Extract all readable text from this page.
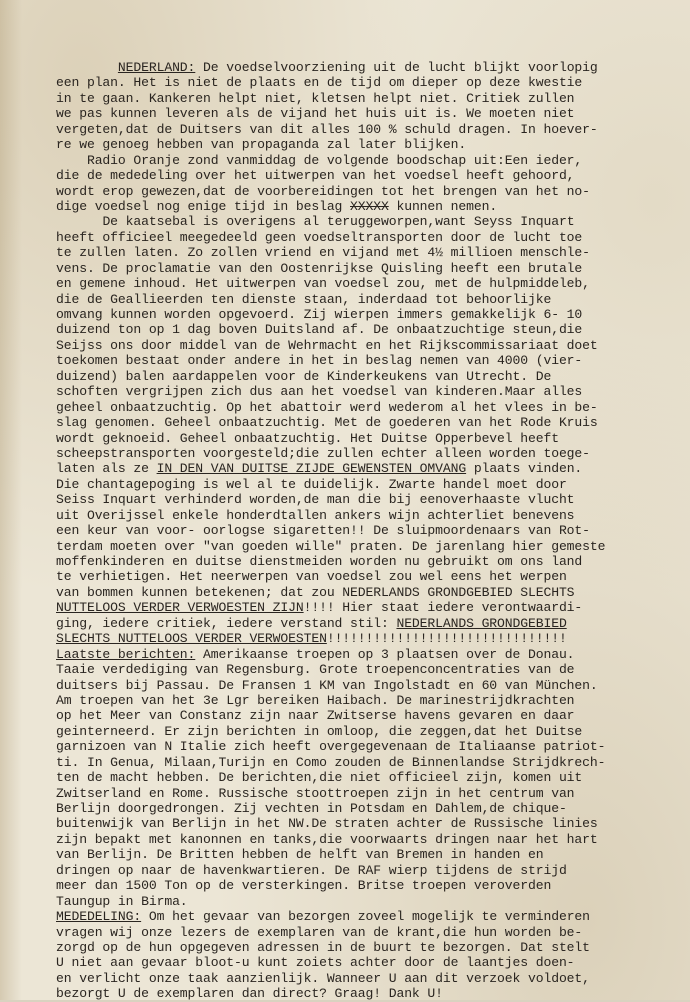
NEDERLAND: De voedselvoorziening uit de lucht blijkt voorlopig
een plan. Het is niet de plaats en de tijd om dieper op deze kwestie
in te gaan. Kankeren helpt niet, kletsen helpt niet. Critiek zullen
we pas kunnen leveren als de vijand het huis uit is. We moeten niet
vergeten,dat de Duitsers van dit alles 100 % schuld dragen. In hoever-
re we genoeg hebben van propaganda zal later blijken.
Radio Oranje zond vanmiddag de volgende boodschap uit:Een ieder,
die de mededeling over het uitwerpen van het voedsel heeft gehoord,
wordt erop gewezen,dat de voorbereidingen tot het brengen van het no-
dige voedsel nog enige tijd in beslag XXXXX kunnen nemen.
De kaatsebal is overigens al teruggeworpen,want Seyss Inquart
heeft officieel meegedeeld geen voedseltransporten door de lucht toe
te zullen laten. Zo zollen vriend en vijand met 4½ millioen menschle-
vens. De proclamatie van den Oostenrijkse Quisling heeft een brutale
en gemene inhoud. Het uitwerpen van voedsel zou, met de hulpmiddeleb,
die de Geallieerden ten dienste staan, inderdaad tot behoorlijke
omvang kunnen worden opgevoerd. Zij wierpen immers gemakkelijk 6- 10
duizend ton op 1 dag boven Duitsland af. De onbaatzuchtige steun,die
Seijss ons door middel van de Wehrmacht en het Rijkscommissariaat doet
toekomen bestaat onder andere in het in beslag nemen van 4000 (vier-
duizend) balen aardappelen voor de Kinderkeukens van Utrecht. De
schoften vergrijpen zich dus aan het voedsel van kinderen.Maar alles
geheel onbaatzuchtig. Op het abattoir werd wederom al het vlees in be-
slag genomen. Geheel onbaatzuchtig. Met de goederen van het Rode Kruis
wordt geknoeid. Geheel onbaatzuchtig. Het Duitse Opperbevel heeft
scheepstransporten voorgesteld;die zullen echter alleen worden toege-
laten als ze IN DEN VAN DUITSE ZIJDE GEWENSTEN OMVANG plaats vinden.
Die chantagepoging is wel al te duidelijk. Zwarte handel moet door
Seiss Inquart verhinderd worden,de man die bij eenoverhaaste vlucht
uit Overijssel enkele honderdtallen ankers wijn achterliet benevens
een keur van voor- oorlogse sigaretten!! De sluipmoordenaars van Rot-
terdam moeten over "van goeden wille" praten. De jarenlang hier gemeste
moffenkinderen en duitse dienstmeiden worden nu gebruikt om ons land
te verhietigen. Het neerwerpen van voedsel zou wel eens het werpen
van bommen kunnen betekenen; dat zou NEDERLANDS GRONDGEBIED SLECHTS
NUTTELOOS VERDER VERWOESTEN ZIJN!!!! Hier staat iedere verontwaardi-
ging, iedere critiek, iedere verstand stil: NEDERLANDS GRONDGEBIED
SLECHTS NUTTELOOS VERDER VERWOESTEN!!!!!!!!!!!!!!!!!!!!!!!!!!!!!!!
Laatste berichten: Amerikaanse troepen op 3 plaatsen over de Donau.
Taaie verdediging van Regensburg. Grote troepenconcentraties van de
duitsers bij Passau. De Fransen 1 KM van Ingolstadt en 60 van München.
Am troepen van het 3e Lgr bereiken Haibach. De marinestrijdkrachten
op het Meer van Constanz zijn naar Zwitserse havens gevaren en daar
geinterneerd. Er zijn berichten in omloop, die zeggen,dat het Duitse
garnizoen van N Italie zich heeft overgegevenaan de Italiaanse patriot-
ti. In Genua, Milaan,Turijn en Como zouden de Binnenlandse Strijdkrech-
ten de macht hebben. De berichten,die niet officieel zijn, komen uit
Zwitserland en Rome. Russische stoottroepen zijn in het centrum van
Berlijn doorgedrongen. Zij vechten in Potsdam en Dahlem,de chique-
buitenwijk van Berlijn in het NW.De straten achter de Russische linies
zijn bepakt met kanonnen en tanks,die voorwaarts dringen naar het hart
van Berlijn. De Britten hebben de helft van Bremen in handen en
dringen op naar de havenkwartieren. De RAF wierp tijdens de strijd
meer dan 1500 Ton op de versterkingen. Britse troepen veroverden
Taungup in Birma.
MEDEDELING: Om het gevaar van bezorgen zoveel mogelijk te verminderen
vragen wij onze lezers de exemplaren van de krant,die hun worden be-
zorgd op de hun opgegeven adressen in de buurt te bezorgen. Dat stelt
U niet aan gevaar bloot-u kunt zoiets achter door de laantjes doen-
en verlicht onze taak aanzienlijk. Wanneer U aan dit verzoek voldoet,
bezorgt U de exemplaren dan direct? Graag! Dank U!
